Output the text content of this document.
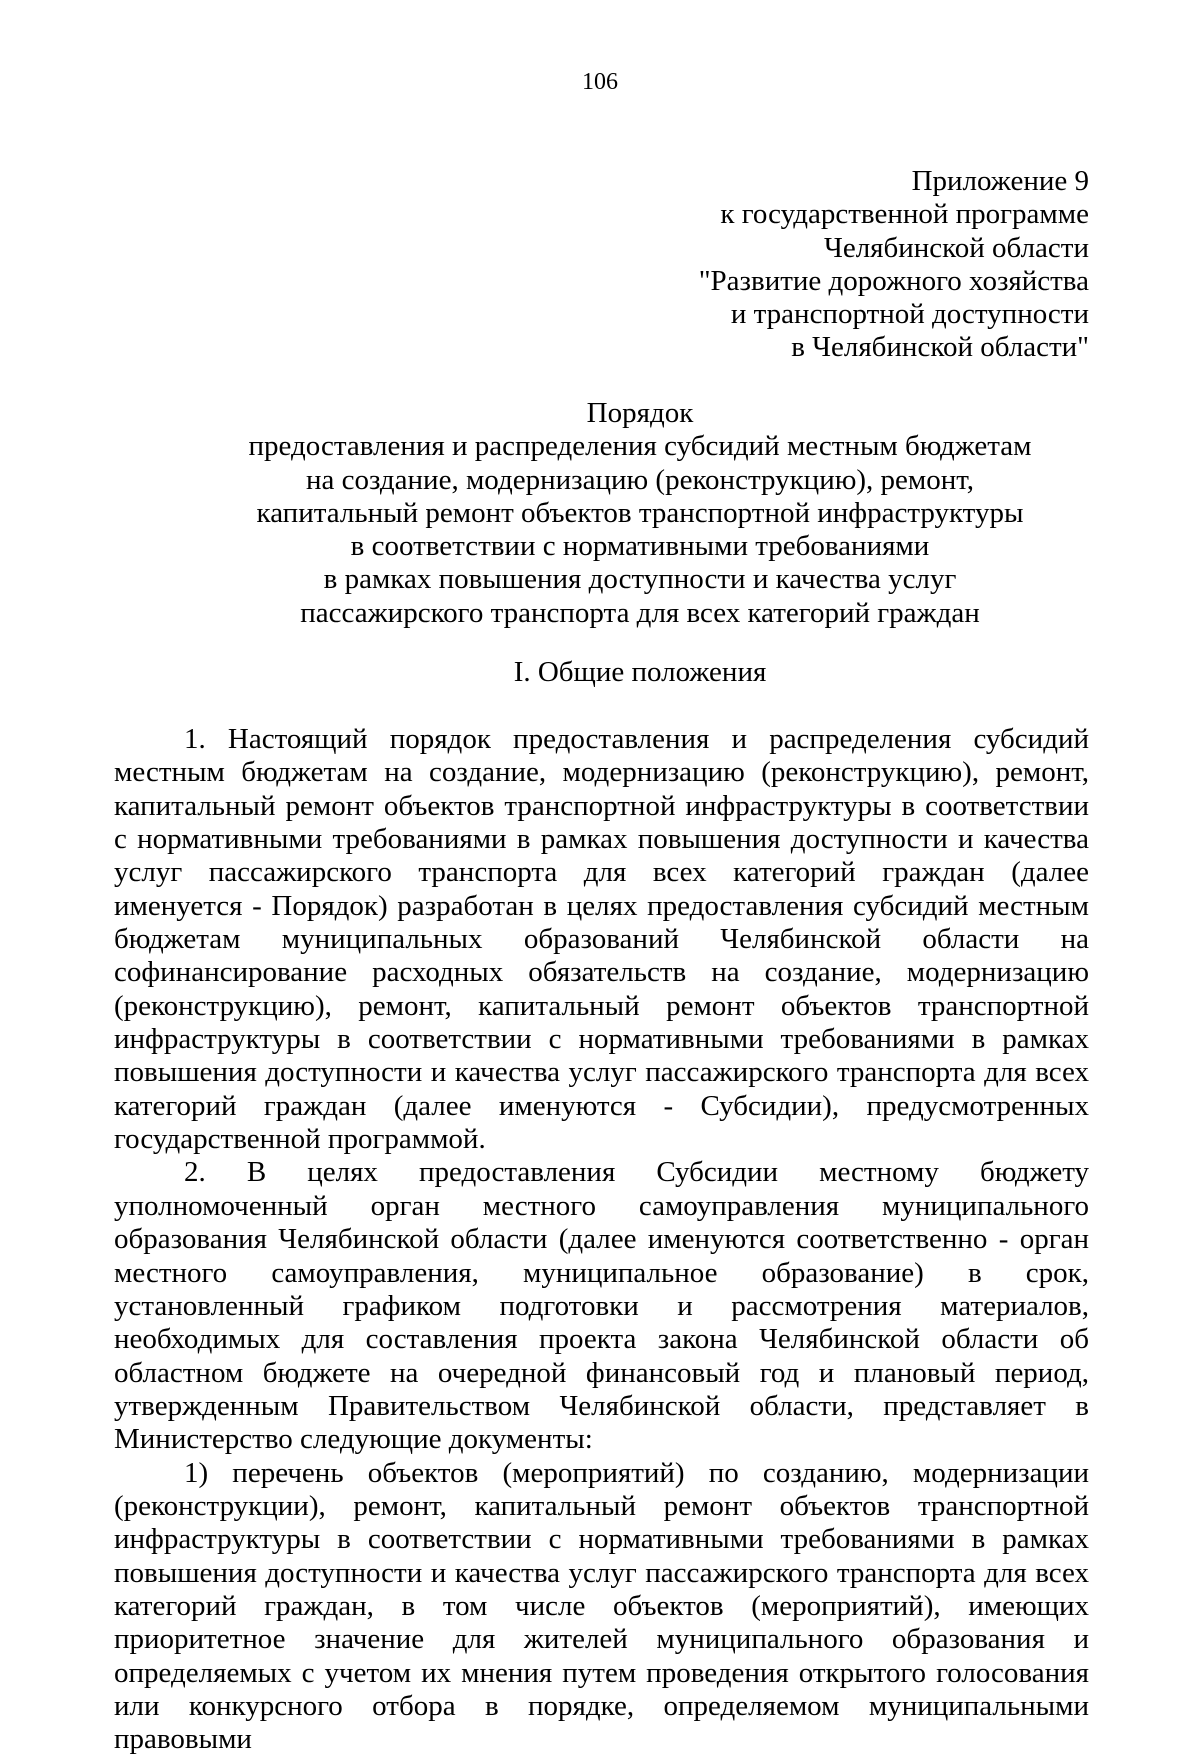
106
Приложение 9
к государственной программе
Челябинской области
"Развитие дорожного хозяйства
и транспортной доступности
в Челябинской области"
Порядок
предоставления и распределения субсидий местным бюджетам
на создание, модернизацию (реконструкцию), ремонт,
капитальный ремонт объектов транспортной инфраструктуры
в соответствии с нормативными требованиями
в рамках повышения доступности и качества услуг
пассажирского транспорта для всех категорий граждан
I. Общие положения

1. Настоящий порядок предоставления и распределения субсидий местным бюджетам на создание, модернизацию (реконструкцию), ремонт, капитальный ремонт объектов транспортной инфраструктуры в соответствии с нормативными требованиями в рамках повышения доступности и качества услуг пассажирского транспорта для всех категорий граждан (далее именуется - Порядок) разработан в целях предоставления субсидий местным бюджетам муниципальных образований Челябинской области на софинансирование расходных обязательств на создание, модернизацию (реконструкцию), ремонт, капитальный ремонт объектов транспортной инфраструктуры в соответствии с нормативными требованиями в рамках повышения доступности и качества услуг пассажирского транспорта для всех категорий граждан (далее именуются - Субсидии), предусмотренных государственной программой.

2. В целях предоставления Субсидии местному бюджету уполномоченный орган местного самоуправления муниципального образования Челябинской области (далее именуются соответственно - орган местного самоуправления, муниципальное образование) в срок, установленный графиком подготовки и рассмотрения материалов, необходимых для составления проекта закона Челябинской области об областном бюджете на очередной финансовый год и плановый период, утвержденным Правительством Челябинской области, представляет в Министерство следующие документы:

1) перечень объектов (мероприятий) по созданию, модернизации (реконструкции), ремонт, капитальный ремонт объектов транспортной инфраструктуры в соответствии с нормативными требованиями в рамках повышения доступности и качества услуг пассажирского транспорта для всех категорий граждан, в том числе объектов (мероприятий), имеющих приоритетное значение для жителей муниципального образования и определяемых с учетом их мнения путем проведения открытого голосования или конкурсного отбора в порядке, определяемом муниципальными правовыми
